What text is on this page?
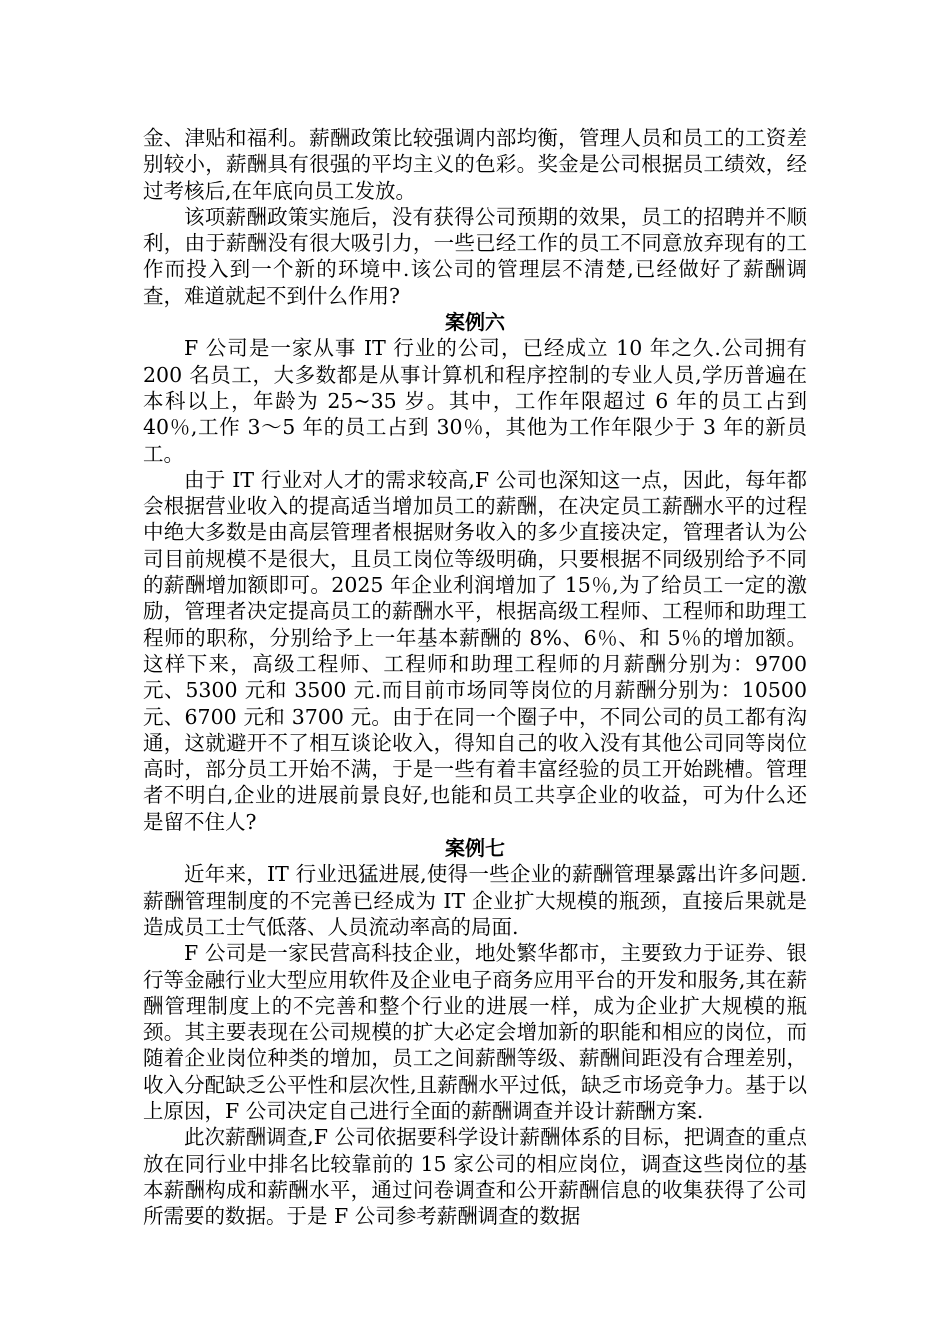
金、津贴和福利。薪酬政策比较强调内部均衡，管理人员和员工的工资差别较小，薪酬具有很强的平均主义的色彩。奖金是公司根据员工绩效，经过考核后,在年底向员工发放。

该项薪酬政策实施后，没有获得公司预期的效果，员工的招聘并不顺利，由于薪酬没有很大吸引力，一些已经工作的员工不同意放弃现有的工作而投入到一个新的环境中.该公司的管理层不清楚,已经做好了薪酬调查，难道就起不到什么作用?

案例六

F 公司是一家从事 IT 行业的公司，已经成立 10 年之久.公司拥有 200 名员工，大多数都是从事计算机和程序控制的专业人员,学历普遍在本科以上，年龄为 25~35 岁。其中，工作年限超过 6 年的员工占到 40％,工作 3～5 年的员工占到 30％，其他为工作年限少于 3 年的新员工。

由于 IT 行业对人才的需求较高,F 公司也深知这一点，因此，每年都会根据营业收入的提高适当增加员工的薪酬，在决定员工薪酬水平的过程中绝大多数是由高层管理者根据财务收入的多少直接决定，管理者认为公司目前规模不是很大，且员工岗位等级明确，只要根据不同级别给予不同的薪酬增加额即可。2025 年企业利润增加了 15％,为了给员工一定的激励，管理者决定提高员工的薪酬水平，根据高级工程师、工程师和助理工程师的职称，分别给予上一年基本薪酬的 8%、6％、和 5％的增加额。这样下来，高级工程师、工程师和助理工程师的月薪酬分别为：9700 元、5300 元和 3500 元.而目前市场同等岗位的月薪酬分别为：10500 元、6700 元和 3700 元。由于在同一个圈子中，不同公司的员工都有沟通，这就避开不了相互谈论收入，得知自己的收入没有其他公司同等岗位高时，部分员工开始不满，于是一些有着丰富经验的员工开始跳槽。管理者不明白,企业的进展前景良好,也能和员工共享企业的收益，可为什么还是留不住人?

案例七

近年来，IT 行业迅猛进展,使得一些企业的薪酬管理暴露出许多问题.薪酬管理制度的不完善已经成为 IT 企业扩大规模的瓶颈，直接后果就是造成员工士气低落、人员流动率高的局面.

F 公司是一家民营高科技企业，地处繁华都市，主要致力于证券、银行等金融行业大型应用软件及企业电子商务应用平台的开发和服务,其在薪酬管理制度上的不完善和整个行业的进展一样，成为企业扩大规模的瓶颈。其主要表现在公司规模的扩大必定会增加新的职能和相应的岗位，而随着企业岗位种类的增加，员工之间薪酬等级、薪酬间距没有合理差别，收入分配缺乏公平性和层次性,且薪酬水平过低，缺乏市场竞争力。基于以上原因，F 公司决定自己进行全面的薪酬调查并设计薪酬方案.

此次薪酬调查,F 公司依据要科学设计薪酬体系的目标，把调查的重点放在同行业中排名比较靠前的 15 家公司的相应岗位，调查这些岗位的基本薪酬构成和薪酬水平，通过问卷调查和公开薪酬信息的收集获得了公司所需要的数据。于是 F 公司参考薪酬调查的数据
